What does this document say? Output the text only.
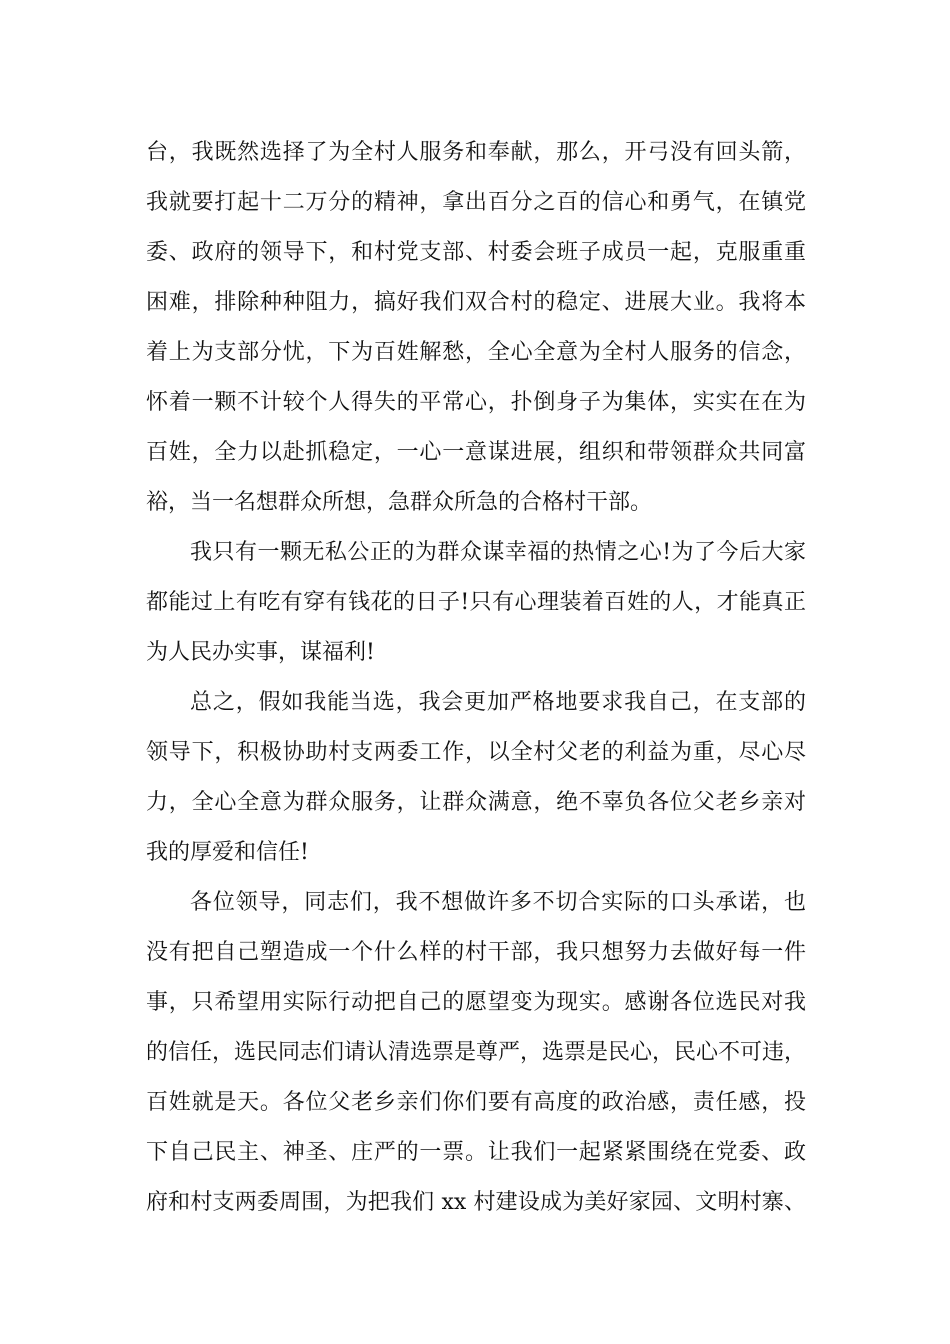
台，我既然选择了为全村人服务和奉献，那么，开弓没有回头箭，
我就要打起十二万分的精神，拿出百分之百的信心和勇气，在镇党
委、政府的领导下，和村党支部、村委会班子成员一起，克服重重
困难，排除种种阻力，搞好我们双合村的稳定、进展大业。我将本
着上为支部分忧，下为百姓解愁，全心全意为全村人服务的信念，
怀着一颗不计较个人得失的平常心，扑倒身子为集体，实实在在为
百姓，全力以赴抓稳定，一心一意谋进展，组织和带领群众共同富
裕，当一名想群众所想，急群众所急的合格村干部。
我只有一颗无私公正的为群众谋幸福的热情之心!为了今后大家
都能过上有吃有穿有钱花的日子!只有心理装着百姓的人，才能真正
为人民办实事，谋福利!
总之，假如我能当选，我会更加严格地要求我自己，在支部的
领导下，积极协助村支两委工作，以全村父老的利益为重，尽心尽
力，全心全意为群众服务，让群众满意，绝不辜负各位父老乡亲对
我的厚爱和信任!
各位领导，同志们，我不想做许多不切合实际的口头承诺，也
没有把自己塑造成一个什么样的村干部，我只想努力去做好每一件
事，只希望用实际行动把自己的愿望变为现实。感谢各位选民对我
的信任，选民同志们请认清选票是尊严，选票是民心，民心不可违，
百姓就是天。各位父老乡亲们你们要有高度的政治感，责任感，投
下自己民主、神圣、庄严的一票。让我们一起紧紧围绕在党委、政
府和村支两委周围，为把我们 xx 村建设成为美好家园、文明村寨、
